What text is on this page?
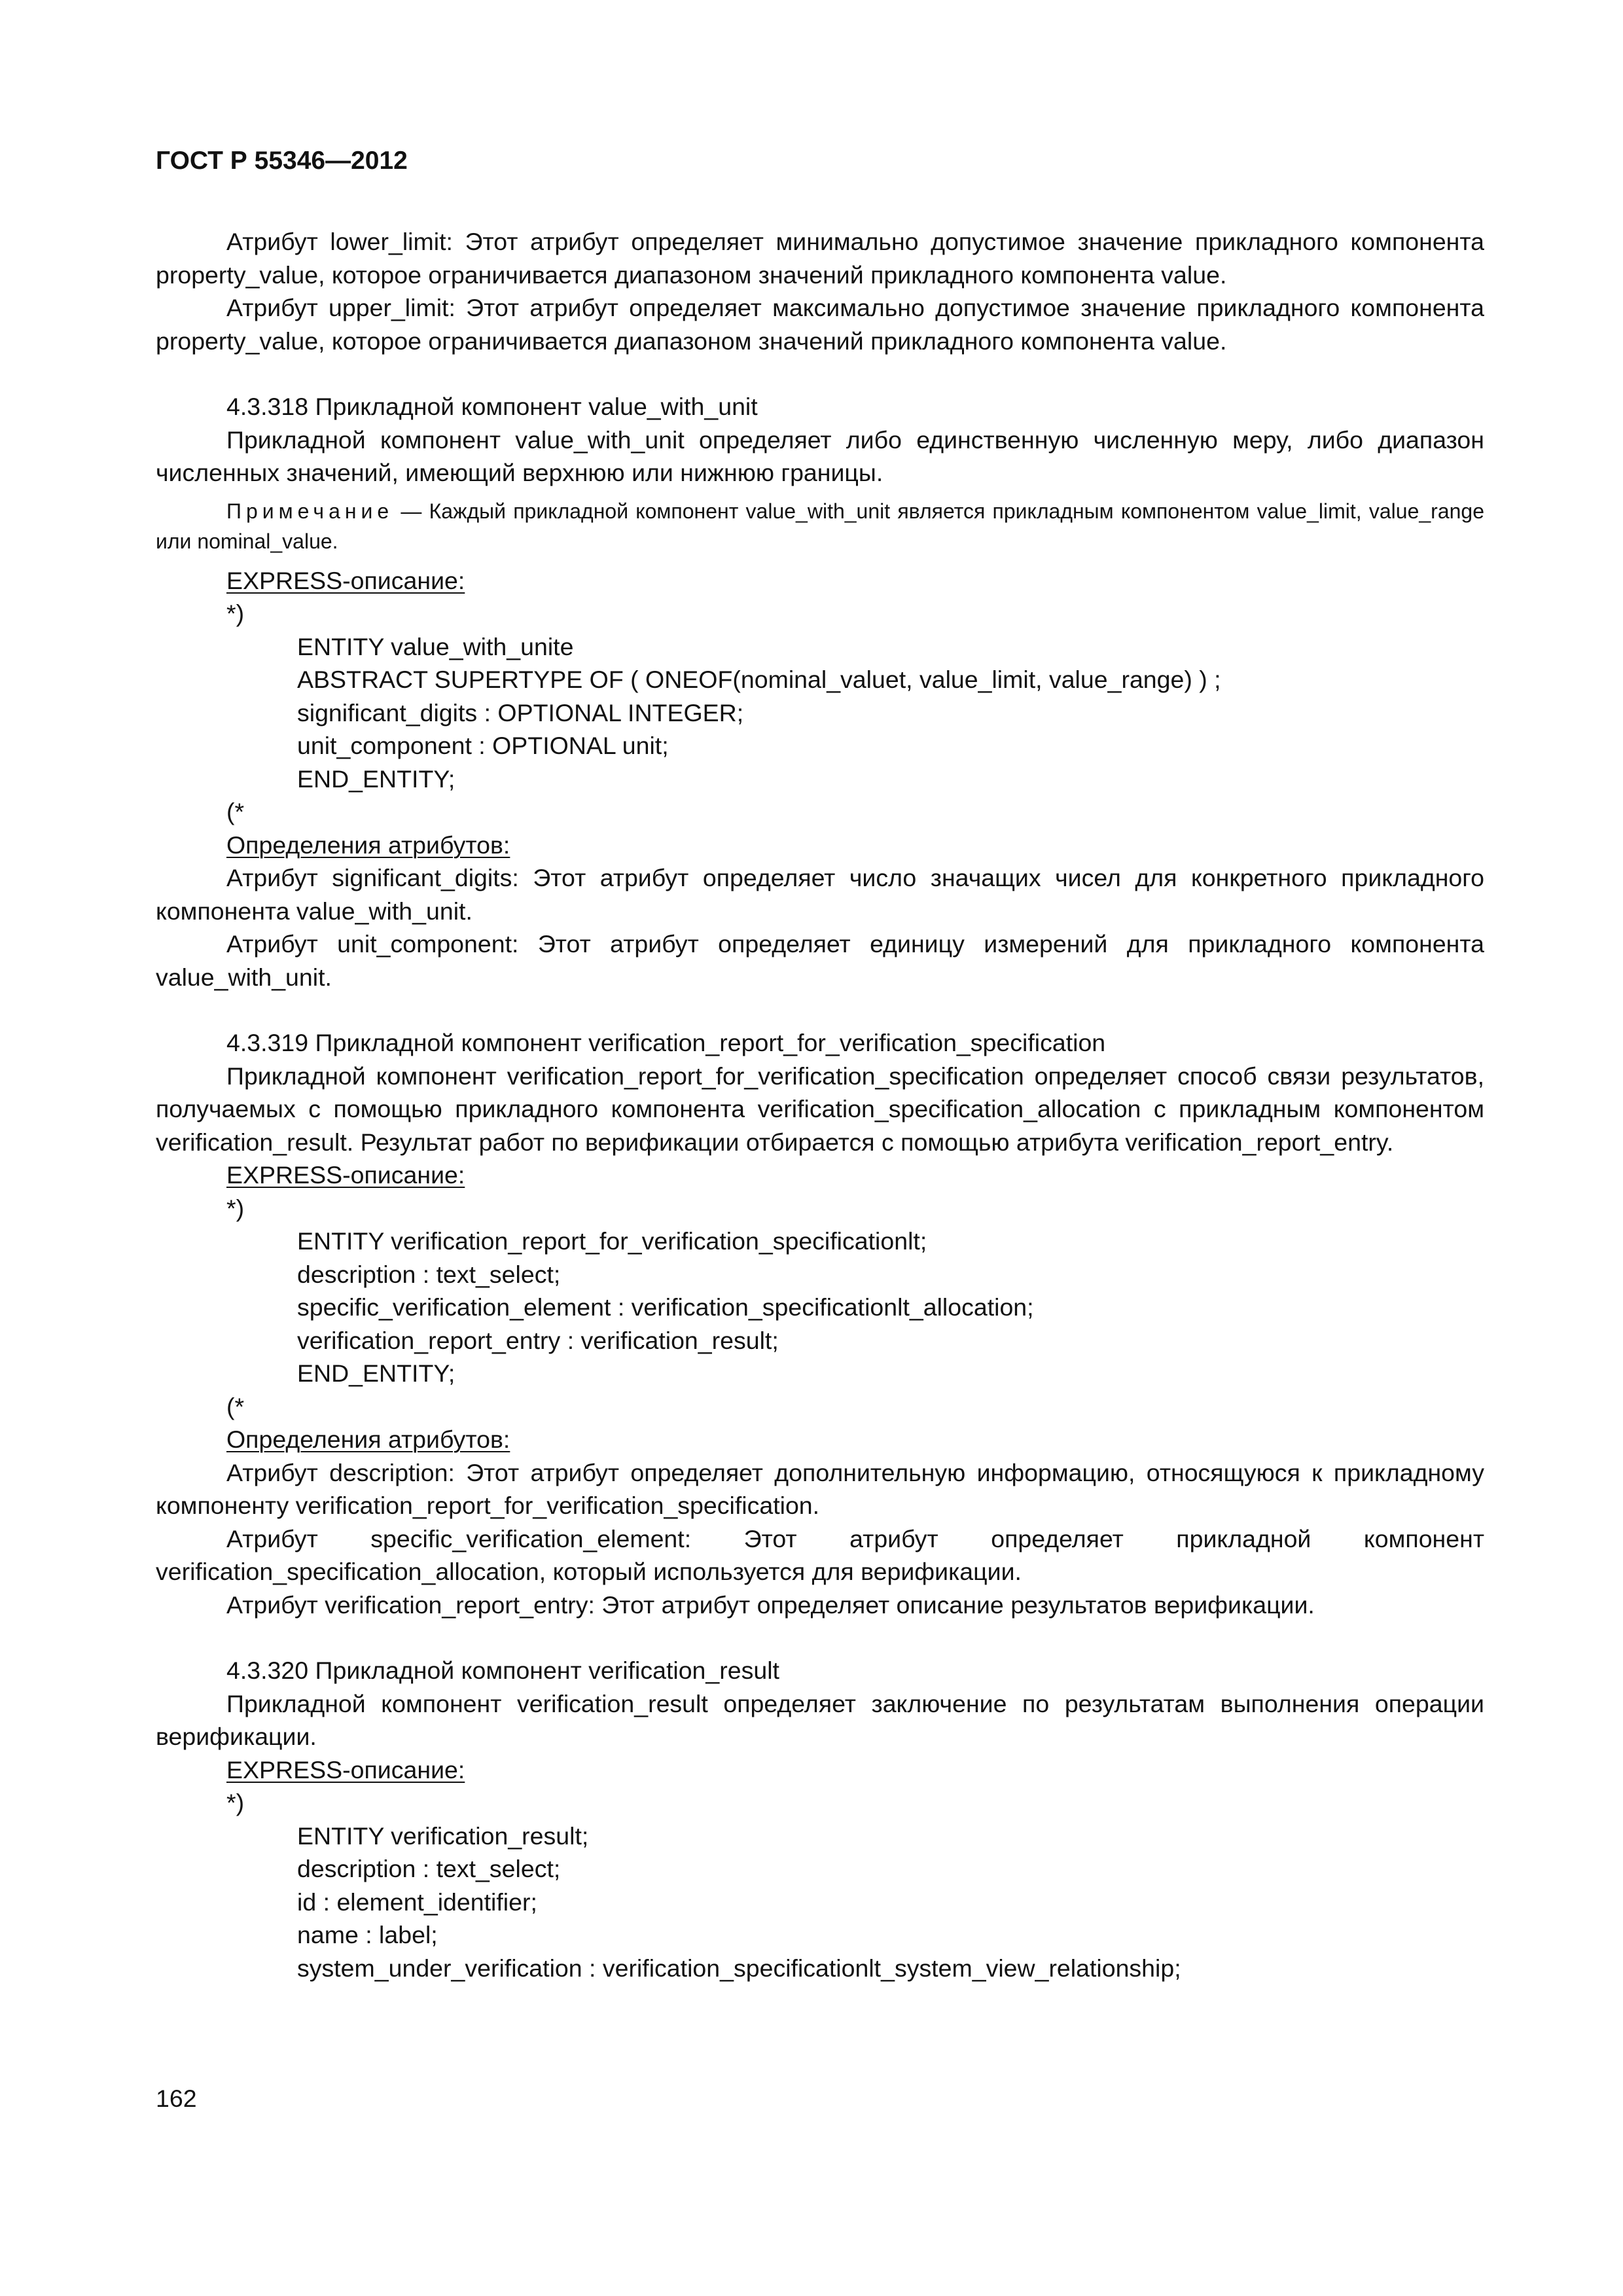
ГОСТ Р 55346—2012

Атрибут lower_limit: Этот атрибут определяет минимально допустимое значение прикладного компонента property_value, которое ограничивается диапазоном значений прикладного компонента value.

Атрибут upper_limit: Этот атрибут определяет максимально допустимое значение прикладного компонента property_value, которое ограничивается диапазоном значений прикладного компонента value.

4.3.318 Прикладной компонент value_with_unit

Прикладной компонент value_with_unit определяет либо единственную численную меру, либо диапазон численных значений, имеющий верхнюю или нижнюю границы.

Примечание — Каждый прикладной компонент value_with_unit является прикладным компонентом value_limit, value_range или nominal_value.

EXPRESS-описание:

*)

ENTITY value_with_unite

ABSTRACT SUPERTYPE OF ( ONEOF(nominal_valuet, value_limit, value_range) ) ;

significant_digits : OPTIONAL INTEGER;

unit_component : OPTIONAL unit;

END_ENTITY;

(*

Определения атрибутов:

Атрибут significant_digits: Этот атрибут определяет число значащих чисел для конкретного прикладного компонента value_with_unit.

Атрибут unit_component: Этот атрибут определяет единицу измерений для прикладного компонента value_with_unit.

4.3.319 Прикладной компонент verification_report_for_verification_specification

Прикладной компонент verification_report_for_verification_specification определяет способ связи результатов, получаемых с помощью прикладного компонента verification_specification_allocation с прикладным компонентом verification_result. Результат работ по верификации отбирается с помощью атрибута verification_report_entry.

EXPRESS-описание:

*)

ENTITY verification_report_for_verification_specificationlt;

description : text_select;

specific_verification_element : verification_specificationlt_allocation;

verification_report_entry : verification_result;

END_ENTITY;

(*

Определения атрибутов:

Атрибут description: Этот атрибут определяет дополнительную информацию, относящуюся к прикладному компоненту verification_report_for_verification_specification.

Атрибут specific_verification_element: Этот атрибут определяет прикладной компонент verification_specification_allocation, который используется для верификации.

Атрибут verification_report_entry: Этот атрибут определяет описание результатов верификации.

4.3.320 Прикладной компонент verification_result

Прикладной компонент verification_result определяет заключение по результатам выполнения операции верификации.

EXPRESS-описание:

*)

ENTITY verification_result;

description : text_select;

id : element_identifier;

name : label;

system_under_verification : verification_specificationlt_system_view_relationship;

162
